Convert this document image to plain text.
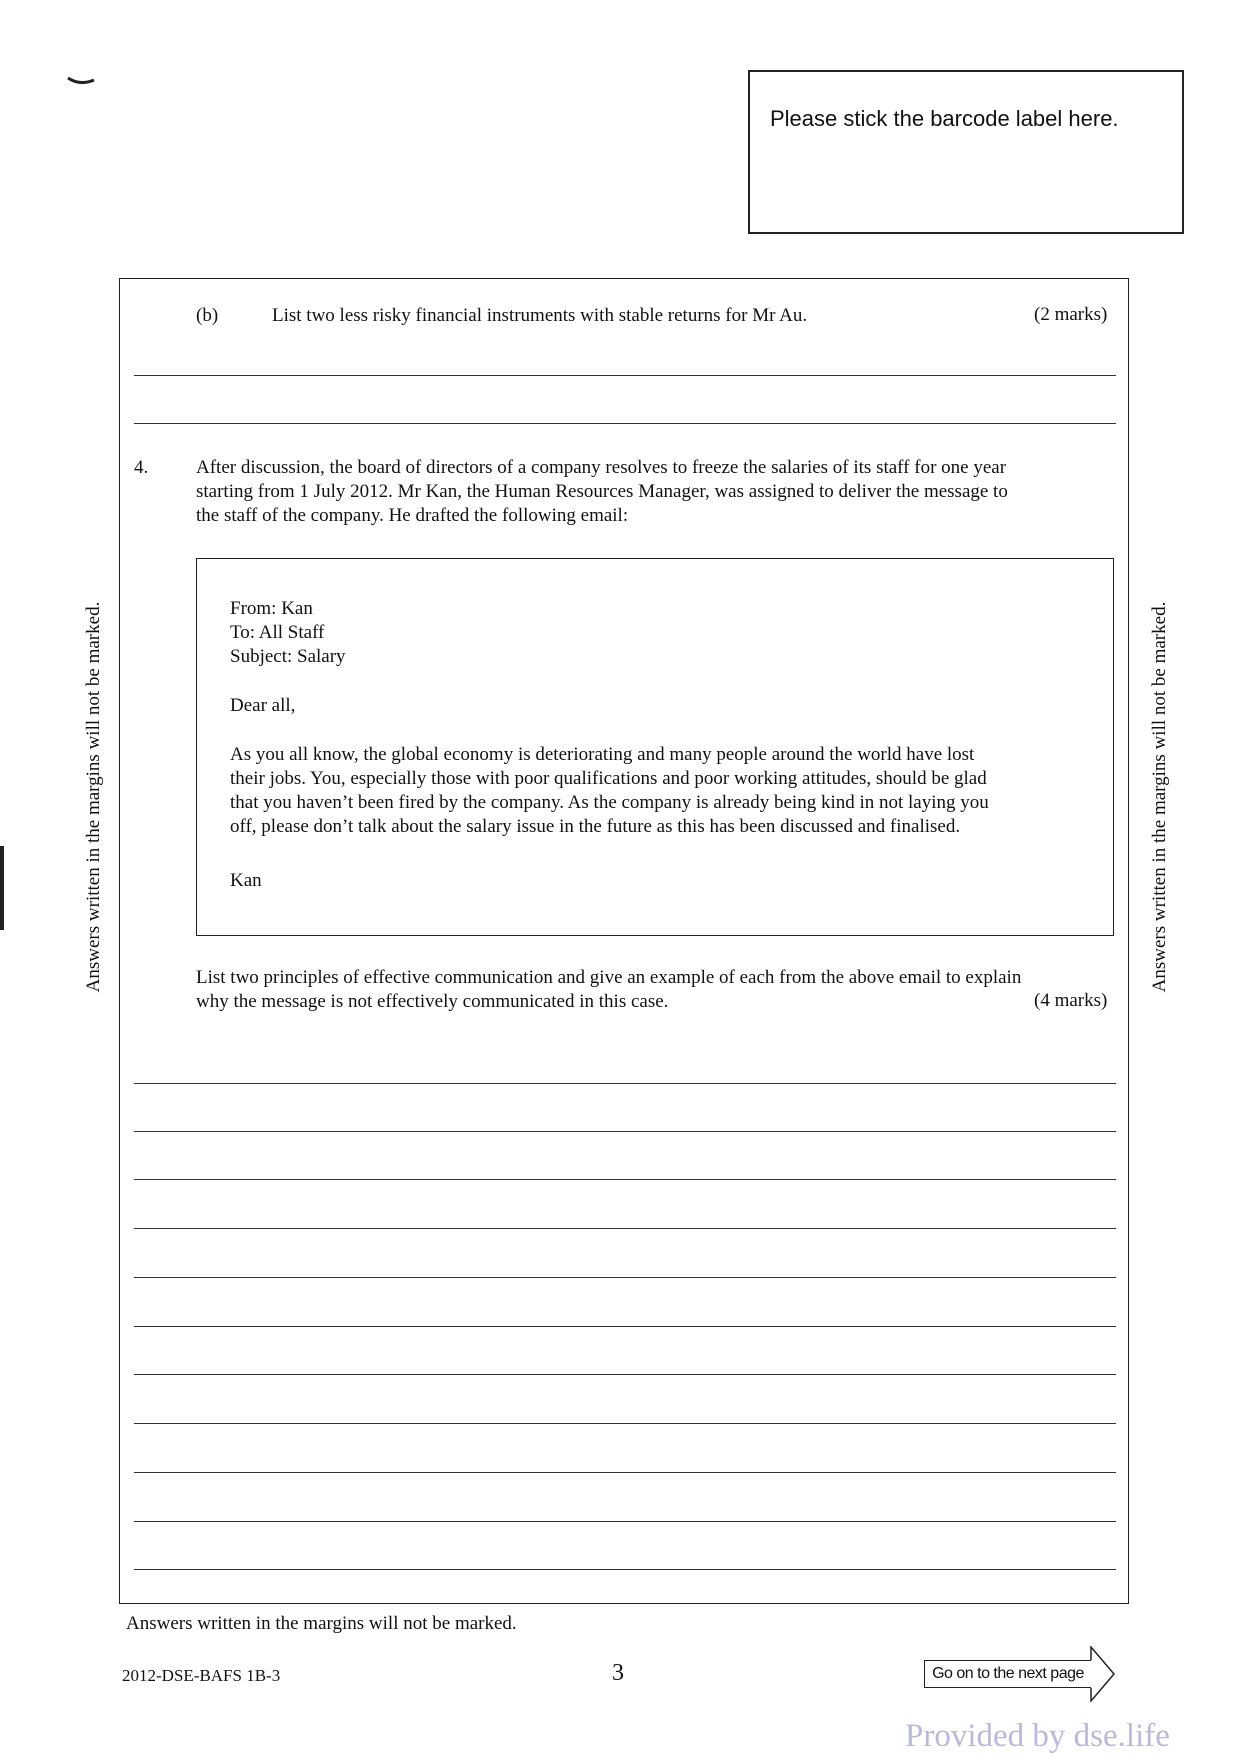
Please stick the barcode label here.
Answers written in the margins will not be marked.	Answers written in the margins will not be marked.
(b)	List two less risky financial instruments with stable returns for Mr Au.	(2 marks)
4.	After discussion, the board of directors of a company resolves to freeze the salaries of its staff for one year
starting from 1 July 2012. Mr Kan, the Human Resources Manager, was assigned to deliver the message to
the staff of the company. He drafted the following email:
From: Kan
To: All Staff
Subject: Salary
Dear all,
As you all know, the global economy is deteriorating and many people around the world have lost
their jobs. You, especially those with poor qualifications and poor working attitudes, should be glad
that you haven’t been fired by the company. As the company is already being kind in not laying you
off, please don’t talk about the salary issue in the future as this has been discussed and finalised.
Kan
List two principles of effective communication and give an example of each from the above email to explain
why the message is not effectively communicated in this case.	(4 marks)
Answers written in the margins will not be marked.
2012-DSE-BAFS 1B-3	3	Go on to the next page
Provided by dse.life
